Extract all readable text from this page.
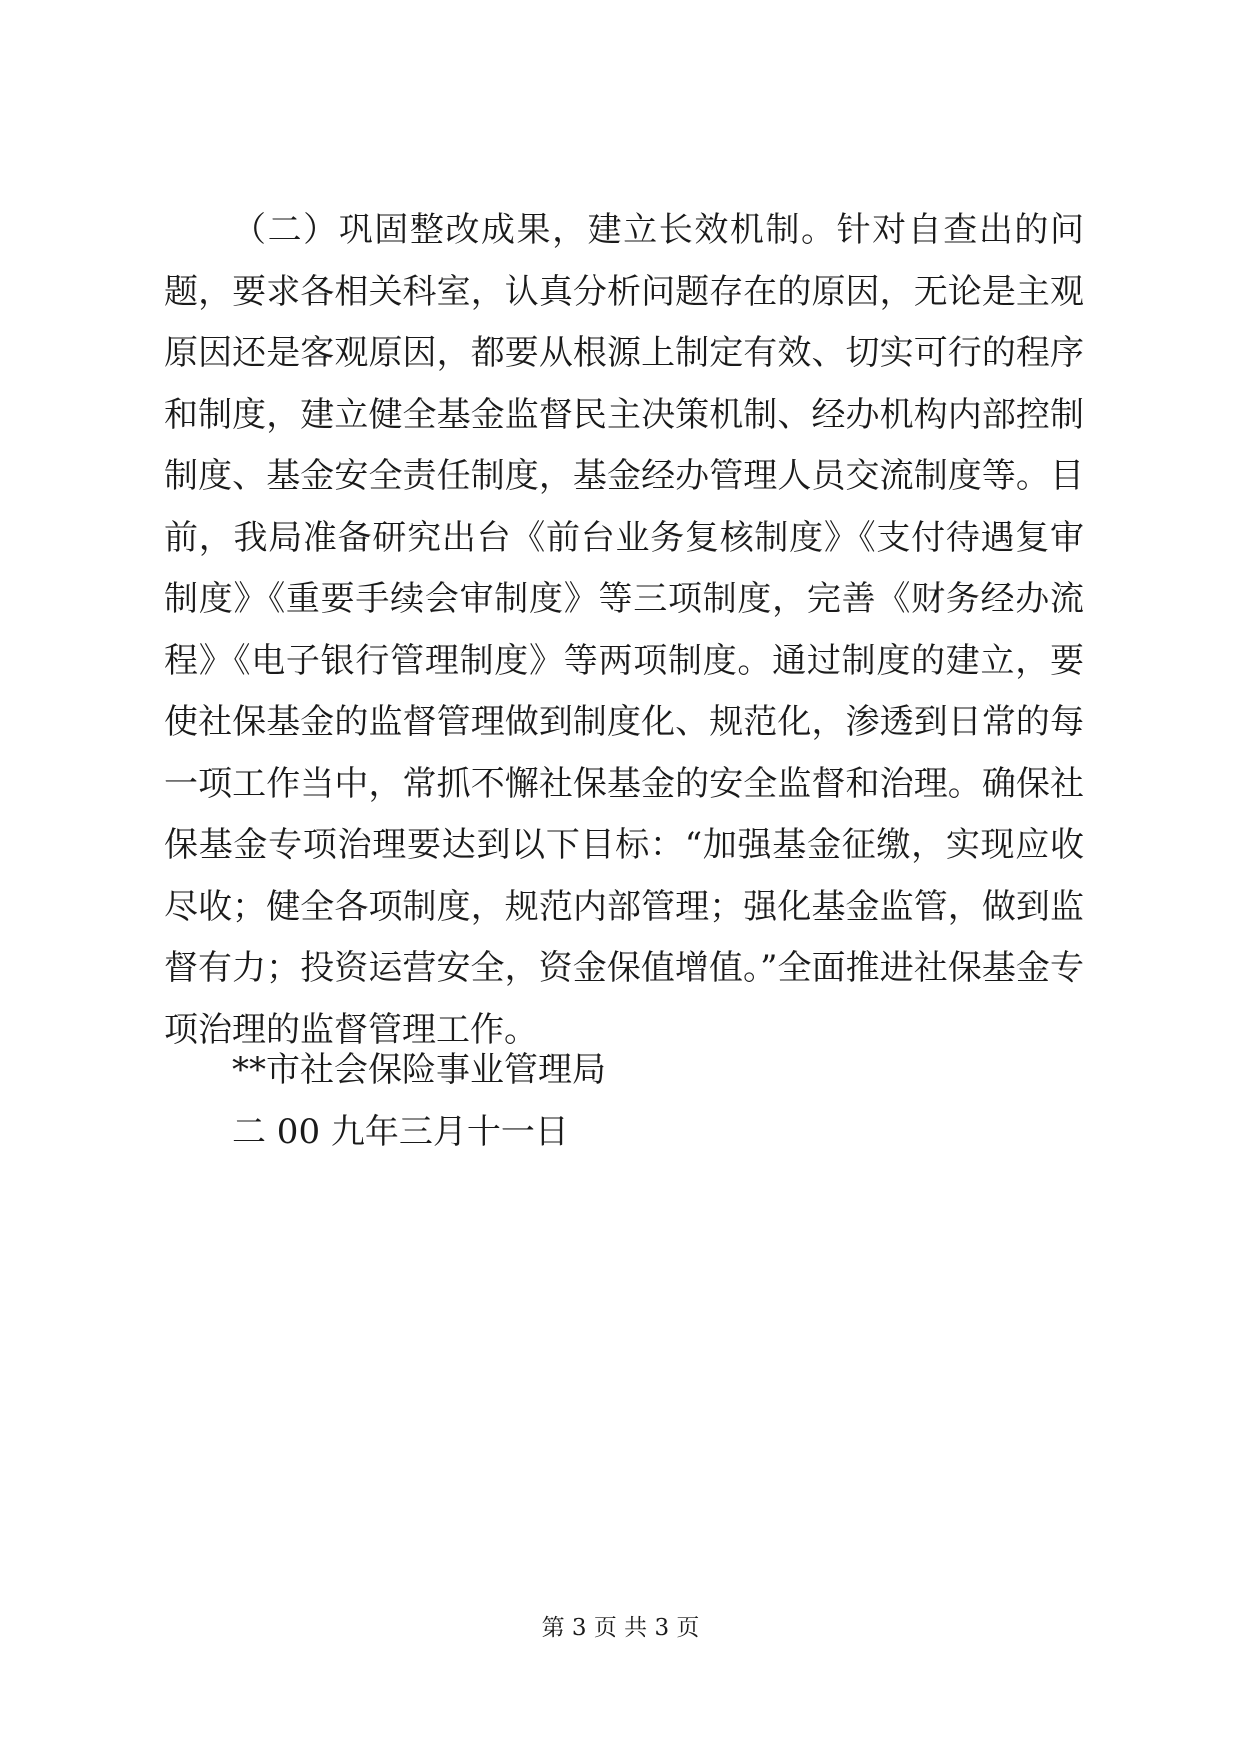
（二）巩固整改成果，建立长效机制。针对自查出的问题，要求各相关科室，认真分析问题存在的原因，无论是主观原因还是客观原因，都要从根源上制定有效、切实可行的程序和制度，建立健全基金监督民主决策机制、经办机构内部控制制度、基金安全责任制度，基金经办管理人员交流制度等。目前，我局准备研究出台《前台业务复核制度》《支付待遇复审制度》《重要手续会审制度》等三项制度，完善《财务经办流程》《电子银行管理制度》等两项制度。通过制度的建立，要使社保基金的监督管理做到制度化、规范化，渗透到日常的每一项工作当中，常抓不懈社保基金的安全监督和治理。确保社保基金专项治理要达到以下目标：“加强基金征缴，实现应收尽收；健全各项制度，规范内部管理；强化基金监管，做到监督有力；投资运营安全，资金保值增值。”全面推进社保基金专项治理的监督管理工作。

**市社会保险事业管理局

二 00 九年三月十一日

第 3 页 共 3 页
